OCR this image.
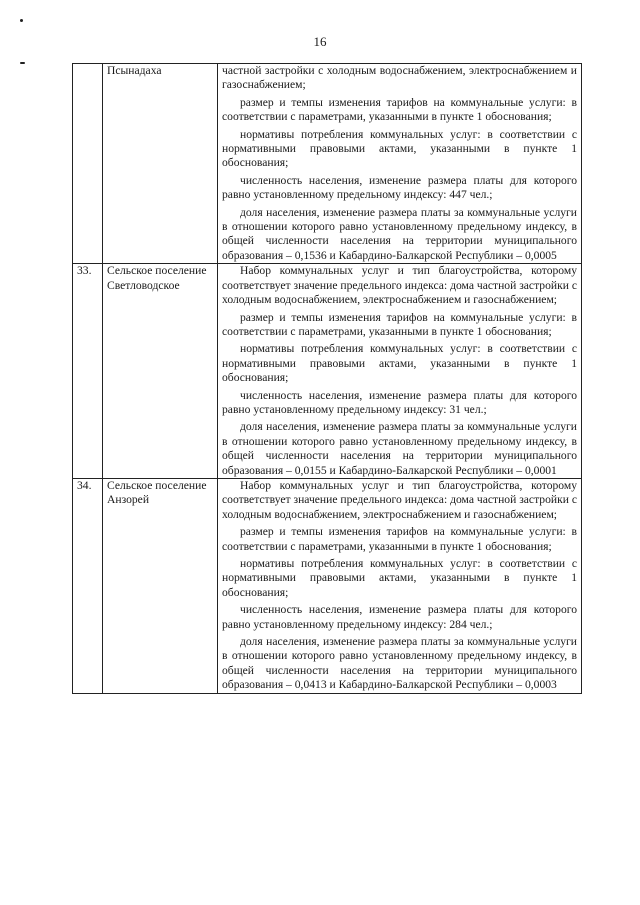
16
	Псынадаха	частной застройки с холодным водоснабжением, электроснабжением и газоснабжением;

размер и темпы изменения тарифов на коммунальные услуги: в соответствии с параметрами, указанными в пункте 1 обоснования;

нормативы потребления коммунальных услуг: в соответствии с нормативными правовыми актами, указанными в пункте 1 обоснования;

численность населения, изменение размера платы для которого равно установленному предельному индексу: 447 чел.;

доля населения, изменение размера платы за коммунальные услуги в отношении которого равно установленному предельному индексу, в общей численности населения на территории муниципального образования – 0,1536 и Кабардино-Балкарской Республики – 0,0005

33.	Сельское поселение Светловодское	Набор коммунальных услуг и тип благоустройства, которому соответствует значение предельного индекса: дома частной застройки с холодным водоснабжением, электроснабжением и газоснабжением;

размер и темпы изменения тарифов на коммунальные услуги: в соответствии с параметрами, указанными в пункте 1 обоснования;

нормативы потребления коммунальных услуг: в соответствии с нормативными правовыми актами, указанными в пункте 1 обоснования;

численность населения, изменение размера платы для которого равно установленному предельному индексу: 31 чел.;

доля населения, изменение размера платы за коммунальные услуги в отношении которого равно установленному предельному индексу, в общей численности населения на территории муниципального образования – 0,0155 и Кабардино-Балкарской Республики – 0,0001

34.	Сельское поселение Анзорей	Набор коммунальных услуг и тип благоустройства, которому соответствует значение предельного индекса: дома частной застройки с холодным водоснабжением, электроснабжением и газоснабжением;

размер и темпы изменения тарифов на коммунальные услуги: в соответствии с параметрами, указанными в пункте 1 обоснования;

нормативы потребления коммунальных услуг: в соответствии с нормативными правовыми актами, указанными в пункте 1 обоснования;

численность населения, изменение размера платы для которого равно установленному предельному индексу: 284 чел.;

доля населения, изменение размера платы за коммунальные услуги в отношении которого равно установленному предельному индексу, в общей численности населения на территории муниципального образования – 0,0413 и Кабардино-Балкарской Республики – 0,0003
